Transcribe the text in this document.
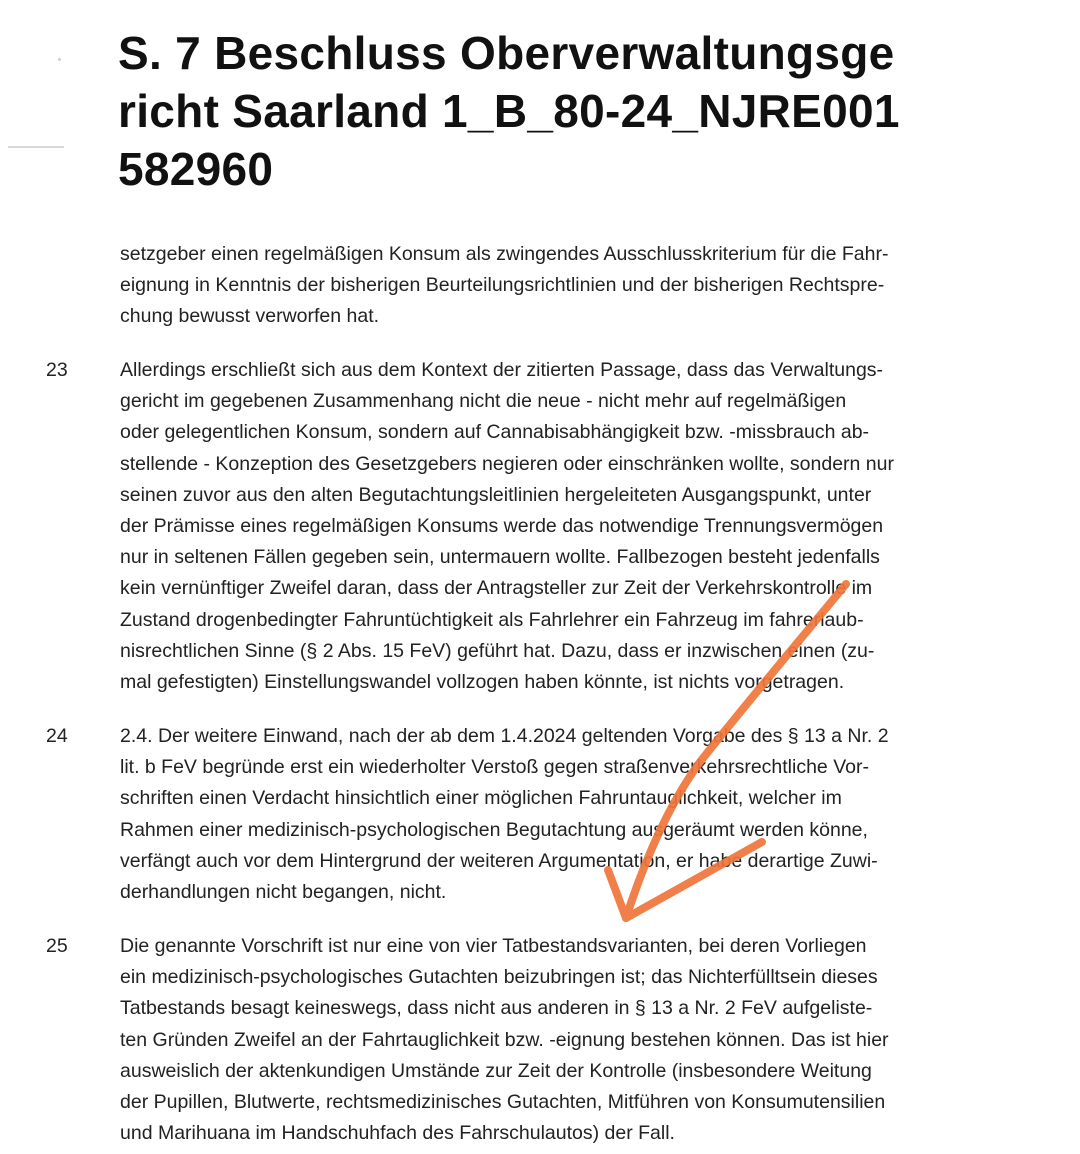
S. 7 Beschluss Oberverwaltungsge
richt Saarland 1_B_80-24_NJRE001
582960
setzgeber einen regelmäßigen Konsum als zwingendes Ausschlusskriterium für die Fahr-
eignung in Kenntnis der bisherigen Beurteilungsrichtlinien und der bisherigen Rechtspre-
chung bewusst verworfen hat.
23	Allerdings erschließt sich aus dem Kontext der zitierten Passage, dass das Verwaltungs-
gericht im gegebenen Zusammenhang nicht die neue - nicht mehr auf regelmäßigen
oder gelegentlichen Konsum, sondern auf Cannabisabhängigkeit bzw. -missbrauch ab-
stellende - Konzeption des Gesetzgebers negieren oder einschränken wollte, sondern nur
seinen zuvor aus den alten Begutachtungsleitlinien hergeleiteten Ausgangspunkt, unter
der Prämisse eines regelmäßigen Konsums werde das notwendige Trennungsvermögen
nur in seltenen Fällen gegeben sein, untermauern wollte. Fallbezogen besteht jedenfalls
kein vernünftiger Zweifel daran, dass der Antragsteller zur Zeit der Verkehrskontrolle im
Zustand drogenbedingter Fahruntüchtigkeit als Fahrlehrer ein Fahrzeug im fahrerlaub-
nisrechtlichen Sinne (§ 2 Abs. 15 FeV) geführt hat. Dazu, dass er inzwischen einen (zu-
mal gefestigten) Einstellungswandel vollzogen haben könnte, ist nichts vorgetragen.
24	2.4. Der weitere Einwand, nach der ab dem 1.4.2024 geltenden Vorgabe des § 13 a Nr. 2
lit. b FeV begründe erst ein wiederholter Verstoß gegen straßenverkehrsrechtliche Vor-
schriften einen Verdacht hinsichtlich einer möglichen Fahruntauglichkeit, welcher im
Rahmen einer medizinisch-psychologischen Begutachtung ausgeräumt werden könne,
verfängt auch vor dem Hintergrund der weiteren Argumentation, er habe derartige Zuwi-
derhandlungen nicht begangen, nicht.
25	Die genannte Vorschrift ist nur eine von vier Tatbestandsvarianten, bei deren Vorliegen
ein medizinisch-psychologisches Gutachten beizubringen ist; das Nichterfülltsein dieses
Tatbestands besagt keineswegs, dass nicht aus anderen in § 13 a Nr. 2 FeV aufgeliste-
ten Gründen Zweifel an der Fahrtauglichkeit bzw. -eignung bestehen können. Das ist hier
ausweislich der aktenkundigen Umstände zur Zeit der Kontrolle (insbesondere Weitung
der Pupillen, Blutwerte, rechtsmedizinisches Gutachten, Mitführen von Konsumutensilien
und Marihuana im Handschuhfach des Fahrschulautos) der Fall.
